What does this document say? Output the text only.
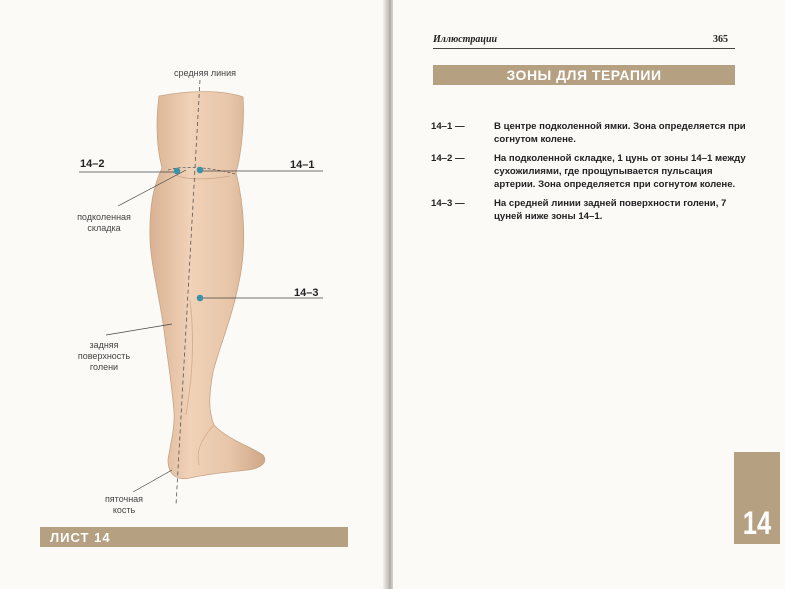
средняя линия
14–2	14–1
14–3
подколенная складка
задняя поверхность голени
пяточная кость
ЛИСТ 14
Иллюстрации	365
ЗОНЫ ДЛЯ ТЕРАПИИ
14–1 —	В центре подколенной ямки. Зона определяется при согнутом колене.
14–2 —	На подколенной складке, 1 цунь от зоны 14–1 между сухожилиями, где прощупывается пульсация артерии. Зона определяется при согнутом колене.
14–3 —	На средней линии задней поверхности голени, 7 цуней ниже зоны 14–1.
14
